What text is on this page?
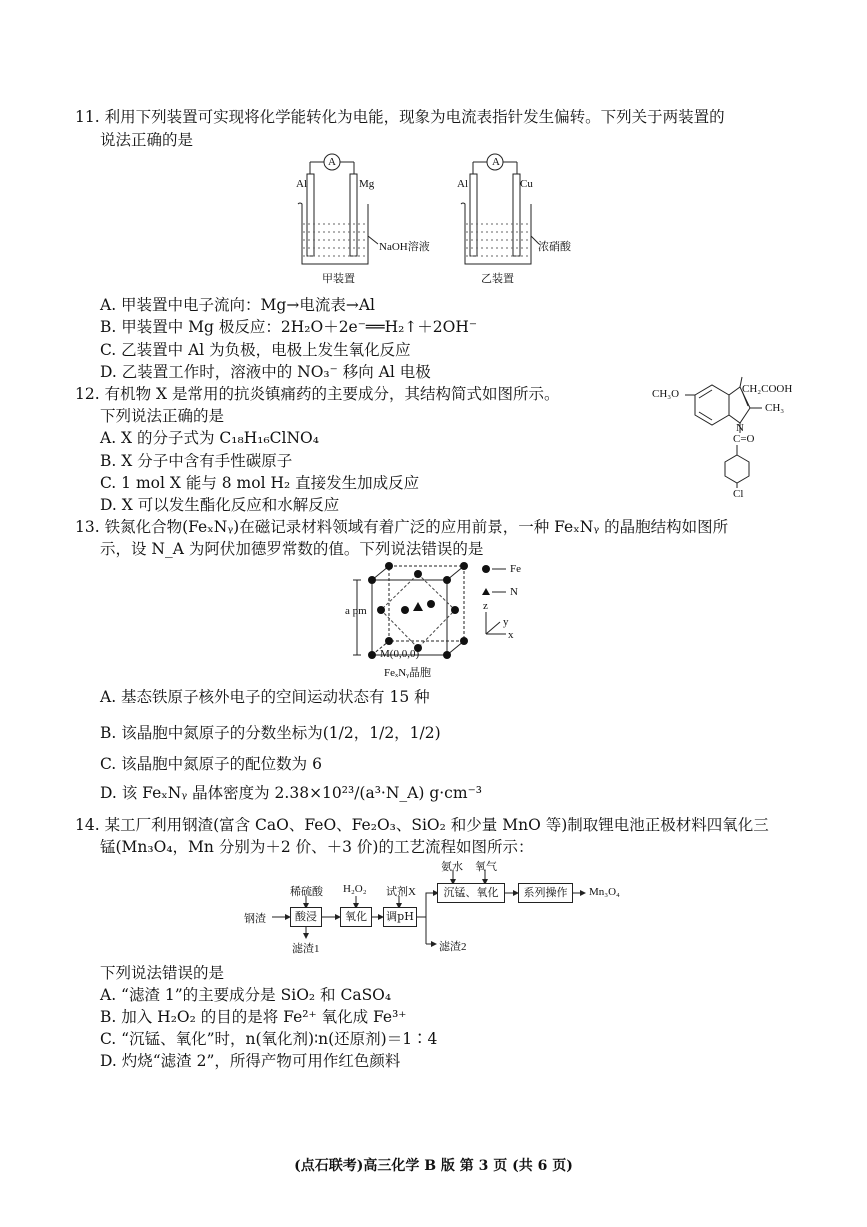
11. 利用下列装置可实现将化学能转化为电能，现象为电流表指针发生偏转。下列关于两装置的
说法正确的是
A
Al	Mg
NaOH溶液
甲装置
A
Al	Cu
浓硝酸
乙装置
A. 甲装置中电子流向：Mg→电流表→Al
B. 甲装置中 Mg 极反应：2H₂O＋2e⁻══H₂↑＋2OH⁻
C. 乙装置中 Al 为负极，电极上发生氧化反应
D. 乙装置工作时，溶液中的 NO₃⁻ 移向 Al 电极
12. 有机物 X 是常用的抗炎镇痛药的主要成分，其结构简式如图所示。
下列说法正确的是
A. X 的分子式为 C₁₈H₁₆ClNO₄
B. X 分子中含有手性碳原子
C. 1 mol X 能与 8 mol H₂ 直接发生加成反应
D. X 可以发生酯化反应和水解反应
CH₂COOH
CH₃O
CH₃
N
C=O
Cl
13. 铁氮化合物(FeₓNᵧ)在磁记录材料领域有着广泛的应用前景，一种 FeₓNᵧ 的晶胞结构如图所
示，设 N_A 为阿伏加德罗常数的值。下列说法错误的是
a pm
M(0,0,0)
FeₓNᵧ晶胞
Fe
N
z
y
x
A. 基态铁原子核外电子的空间运动状态有 15 种
B. 该晶胞中氮原子的分数坐标为(1/2，1/2，1/2)
C. 该晶胞中氮原子的配位数为 6
D. 该 FeₓNᵧ 晶体密度为 2.38×10²³/(a³·N_A) g·cm⁻³
14. 某工厂利用钢渣(富含 CaO、FeO、Fe₂O₃、SiO₂ 和少量 MnO 等)制取锂电池正极材料四氧化三
锰(Mn₃O₄，Mn 分别为＋2 价、＋3 价)的工艺流程如图所示：
钢渣	酸浸	氧化	调pH
沉锰、氧化	系列操作	Mn₃O₄
稀硫酸 H₂O₂ 试剂X
氨水 氧气
滤渣1	滤渣2
下列说法错误的是
A. “滤渣 1”的主要成分是 SiO₂ 和 CaSO₄
B. 加入 H₂O₂ 的目的是将 Fe²⁺ 氧化成 Fe³⁺
C. “沉锰、氧化”时，n(氧化剂)∶n(还原剂)＝1∶4
D. 灼烧“滤渣 2”，所得产物可用作红色颜料
(点石联考)高三化学 B 版 第 3 页 (共 6 页)
